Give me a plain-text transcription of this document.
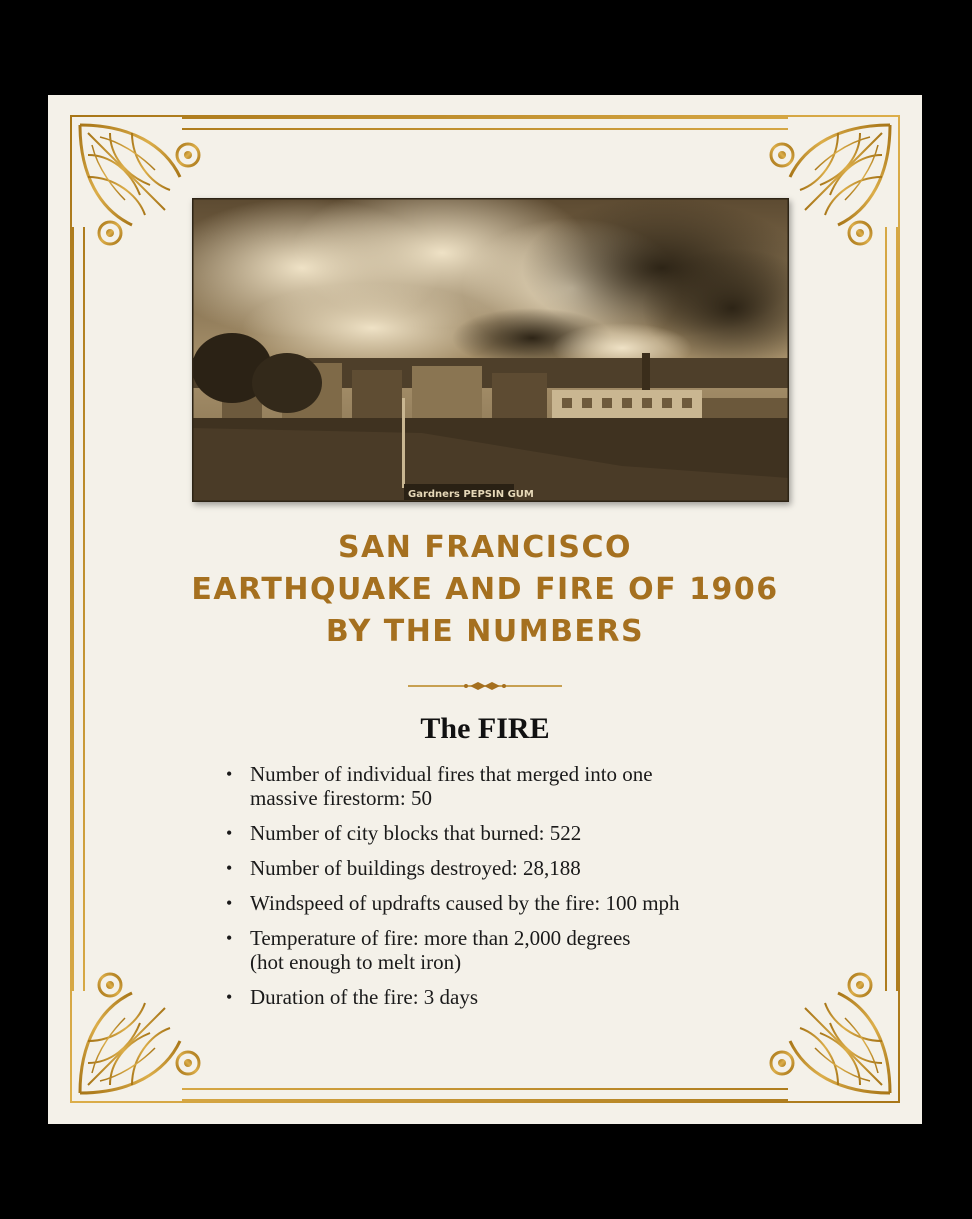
Gardners PEPSIN GUM
SAN FRANCISCO
EARTHQUAKE AND FIRE OF 1906
BY THE NUMBERS
The FIRE
• Number of individual fires that merged into one
massive firestorm: 50
• Number of city blocks that burned: 522
• Number of buildings destroyed: 28,188
• Windspeed of updrafts caused by the fire: 100 mph
• Temperature of fire: more than 2,000 degrees
(hot enough to melt iron)
• Duration of the fire: 3 days
